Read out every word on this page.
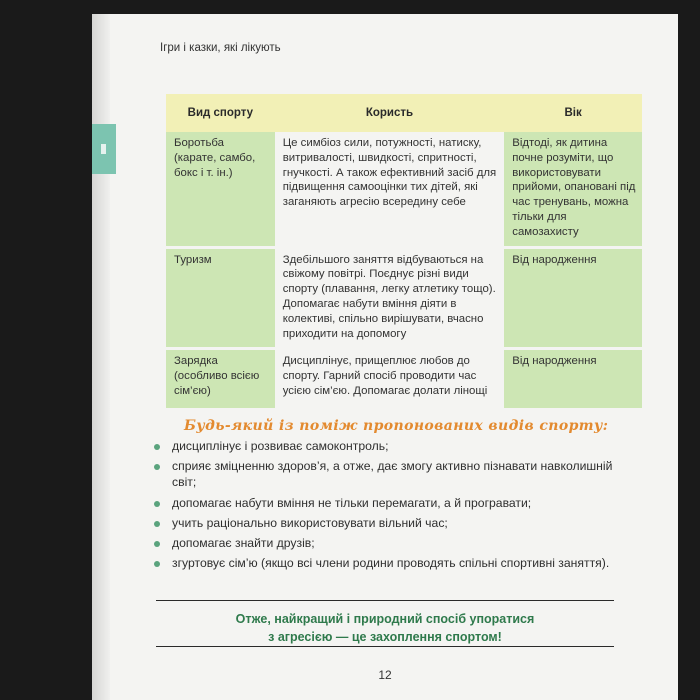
Ігри і казки, які лікують
Вид спорту	Користь	Вік
Боротьба (карате, самбо, бокс і т. ін.)	Це симбіоз сили, потужності, натиску, витривалості, швидкості, спритності, гнучкості. А також ефективний засіб для підвищення самооцінки тих дітей, які заганяють агресію всередину себе	Відтоді, як дитина почне розуміти, що використовувати прийоми, опановані під час тренувань, можна тільки для самозахисту
Туризм	Здебільшого заняття відбуваються на свіжому повітрі. Поєднує різні види спорту (плавання, легку атлетику тощо). Допомагає набути вміння діяти в колективі, спільно вирішувати, вчасно приходити на допомогу	Від народження
Зарядка (особливо всією сім’єю)	Дисциплінує, прищеплює любов до спорту. Гарний спосіб проводити час усією сім’єю. Допомагає долати лінощі	Від народження
Будь-який із поміж пропонованих видів спорту:
дисциплінує і розвиває самоконтроль;
сприяє зміцненню здоров’я, а отже, дає змогу активно пізнавати навколишній світ;
допомагає набути вміння не тільки перемагати, а й програвати;
учить раціонально використовувати вільний час;
допомагає знайти друзів;
згуртовує сім’ю (якщо всі члени родини проводять спільні спортивні заняття).
Отже, найкращий і природний спосіб упоратися
з агресією — це захоплення спортом!
12
